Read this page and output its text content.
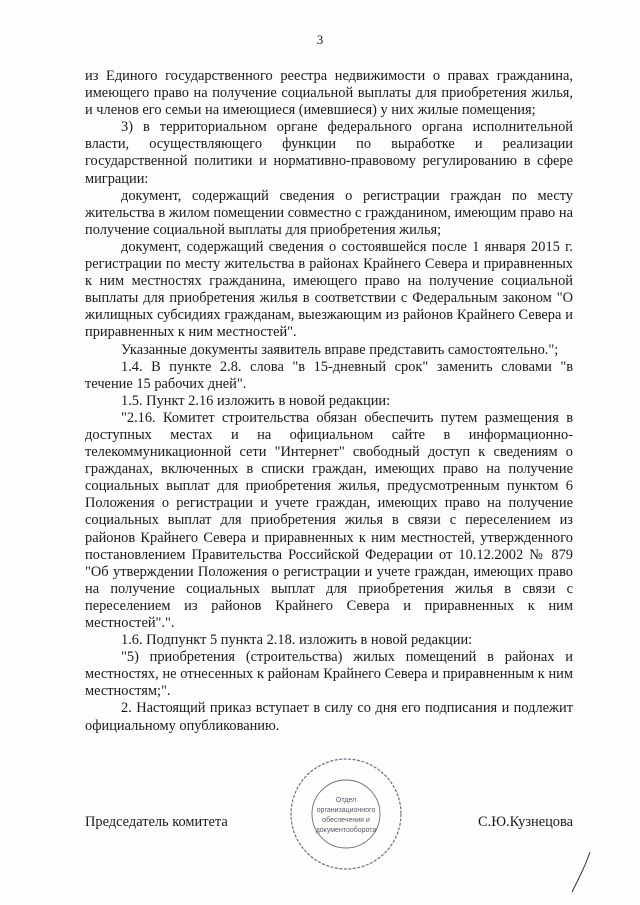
3

из Единого государственного реестра недвижимости о правах гражданина, имеющего право на получение социальной выплаты для приобретения жилья, и членов его семьи на имеющиеся (имевшиеся) у них жилые помещения;

3) в территориальном органе федерального органа исполнительной власти, осуществляющего функции по выработке и реализации государственной политики и нормативно-правовому регулированию в сфере миграции:

документ, содержащий сведения о регистрации граждан по месту жительства в жилом помещении совместно с гражданином, имеющим право на получение социальной выплаты для приобретения жилья;

документ, содержащий сведения о состоявшейся после 1 января 2015 г. регистрации по месту жительства в районах Крайнего Севера и приравненных к ним местностях гражданина, имеющего право на получение социальной выплаты для приобретения жилья в соответствии с Федеральным законом "О жилищных субсидиях гражданам, выезжающим из районов Крайнего Севера и приравненных к ним местностей".

Указанные документы заявитель вправе представить самостоятельно.";

1.4. В пункте 2.8. слова "в 15-дневный срок" заменить словами "в течение 15 рабочих дней".

1.5. Пункт 2.16 изложить в новой редакции:

"2.16. Комитет строительства обязан обеспечить путем размещения в доступных местах и на официальном сайте в информационно-телекоммуникационной сети "Интернет" свободный доступ к сведениям о гражданах, включенных в списки граждан, имеющих право на получение социальных выплат для приобретения жилья, предусмотренным пунктом 6 Положения о регистрации и учете граждан, имеющих право на получение социальных выплат для приобретения жилья в связи с переселением из районов Крайнего Севера и приравненных к ним местностей, утвержденного постановлением Правительства Российской Федерации от 10.12.2002 № 879 "Об утверждении Положения о регистрации и учете граждан, имеющих право на получение социальных выплат для приобретения жилья в связи с переселением из районов Крайнего Севера и приравненных к ним местностей".".

1.6. Подпункт 5 пункта 2.18. изложить в новой редакции:

"5) приобретения (строительства) жилых помещений в районах и местностях, не отнесенных к районам Крайнего Севера и приравненным к ним местностям;".

2. Настоящий приказ вступает в силу со дня его подписания и подлежит официальному опубликованию.

Отдел
организационного
обеспечения и
документооборота
Председатель комитета	С.Ю.Кузнецова
